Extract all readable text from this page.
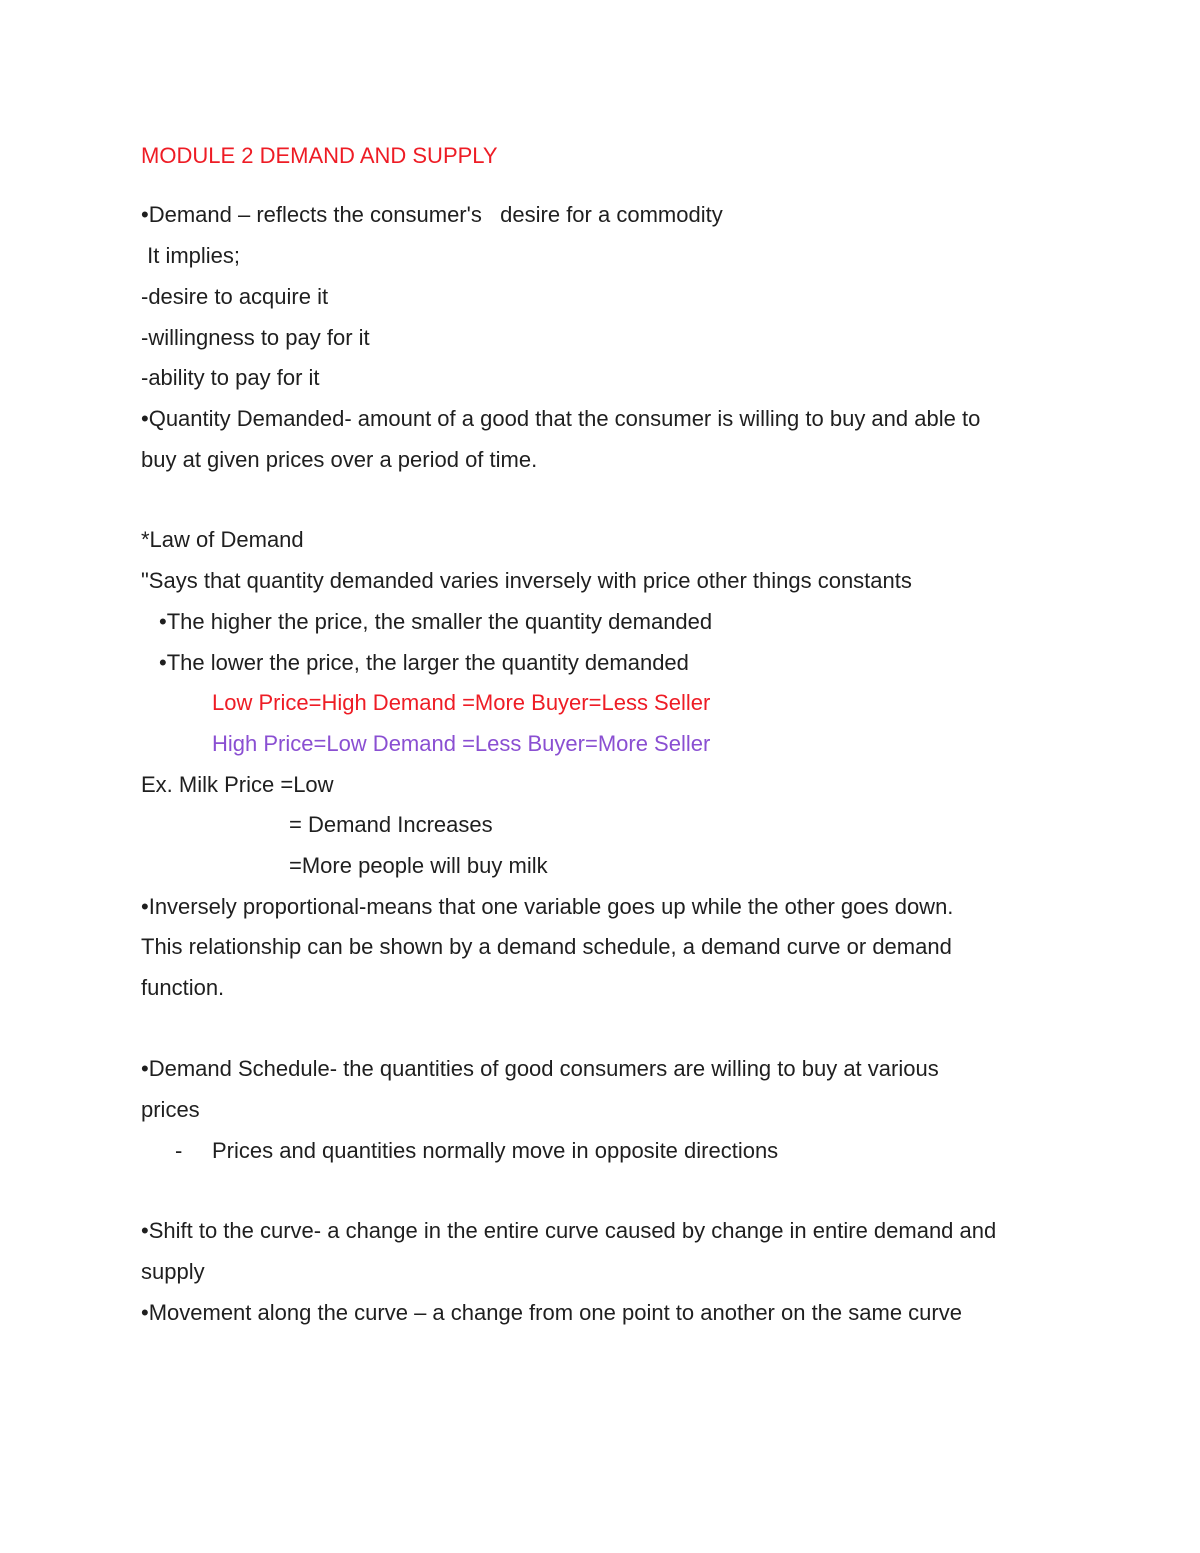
MODULE 2 DEMAND AND SUPPLY

•Demand – reflects the consumer's   desire for a commodity

It implies;

-desire to acquire it

-willingness to pay for it

-ability to pay for it

•Quantity Demanded- amount of a good that the consumer is willing to buy and able to

buy at given prices over a period of time.

*Law of Demand

"Says that quantity demanded varies inversely with price other things constants

•The higher the price, the smaller the quantity demanded

•The lower the price, the larger the quantity demanded

Low Price=High Demand =More Buyer=Less Seller

High Price=Low Demand =Less Buyer=More Seller

Ex. Milk Price =Low

= Demand Increases

=More people will buy milk

•Inversely proportional-means that one variable goes up while the other goes down.

This relationship can be shown by a demand schedule, a demand curve or demand

function.

•Demand Schedule- the quantities of good consumers are willing to buy at various

prices

- Prices and quantities normally move in opposite directions

•Shift to the curve- a change in the entire curve caused by change in entire demand and

supply

•Movement along the curve – a change from one point to another on the same curve
